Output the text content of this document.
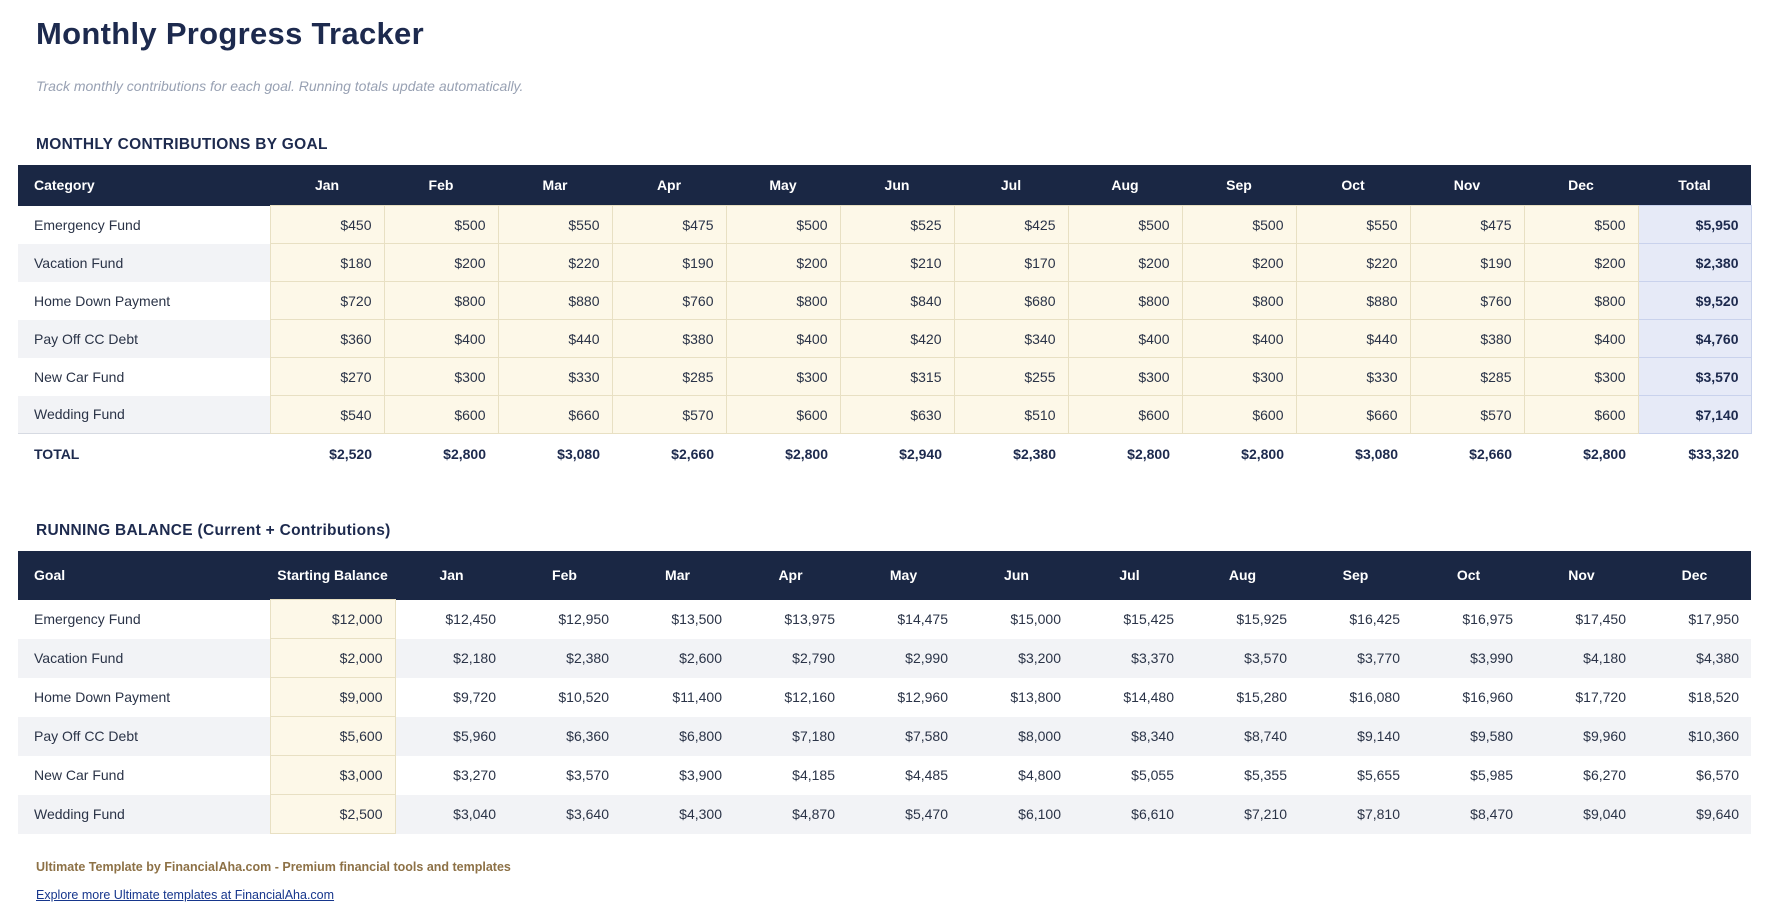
Monthly Progress Tracker
Track monthly contributions for each goal. Running totals update automatically.
MONTHLY CONTRIBUTIONS BY GOAL
Category	Jan	Feb	Mar	Apr	May	Jun	Jul	Aug	Sep	Oct	Nov	Dec	Total
Emergency Fund	$450	$500	$550	$475	$500	$525	$425	$500	$500	$550	$475	$500	$5,950
Vacation Fund	$180	$200	$220	$190	$200	$210	$170	$200	$200	$220	$190	$200	$2,380
Home Down Payment	$720	$800	$880	$760	$800	$840	$680	$800	$800	$880	$760	$800	$9,520
Pay Off CC Debt	$360	$400	$440	$380	$400	$420	$340	$400	$400	$440	$380	$400	$4,760
New Car Fund	$270	$300	$330	$285	$300	$315	$255	$300	$300	$330	$285	$300	$3,570
Wedding Fund	$540	$600	$660	$570	$600	$630	$510	$600	$600	$660	$570	$600	$7,140
TOTAL	$2,520	$2,800	$3,080	$2,660	$2,800	$2,940	$2,380	$2,800	$2,800	$3,080	$2,660	$2,800	$33,320
RUNNING BALANCE (Current + Contributions)
Goal	Starting Balance	Jan	Feb	Mar	Apr	May	Jun	Jul	Aug	Sep	Oct	Nov	Dec
Emergency Fund	$12,000	$12,450	$12,950	$13,500	$13,975	$14,475	$15,000	$15,425	$15,925	$16,425	$16,975	$17,450	$17,950
Vacation Fund	$2,000	$2,180	$2,380	$2,600	$2,790	$2,990	$3,200	$3,370	$3,570	$3,770	$3,990	$4,180	$4,380
Home Down Payment	$9,000	$9,720	$10,520	$11,400	$12,160	$12,960	$13,800	$14,480	$15,280	$16,080	$16,960	$17,720	$18,520
Pay Off CC Debt	$5,600	$5,960	$6,360	$6,800	$7,180	$7,580	$8,000	$8,340	$8,740	$9,140	$9,580	$9,960	$10,360
New Car Fund	$3,000	$3,270	$3,570	$3,900	$4,185	$4,485	$4,800	$5,055	$5,355	$5,655	$5,985	$6,270	$6,570
Wedding Fund	$2,500	$3,040	$3,640	$4,300	$4,870	$5,470	$6,100	$6,610	$7,210	$7,810	$8,470	$9,040	$9,640
Ultimate Template by FinancialAha.com - Premium financial tools and templates
Explore more Ultimate templates at FinancialAha.com
